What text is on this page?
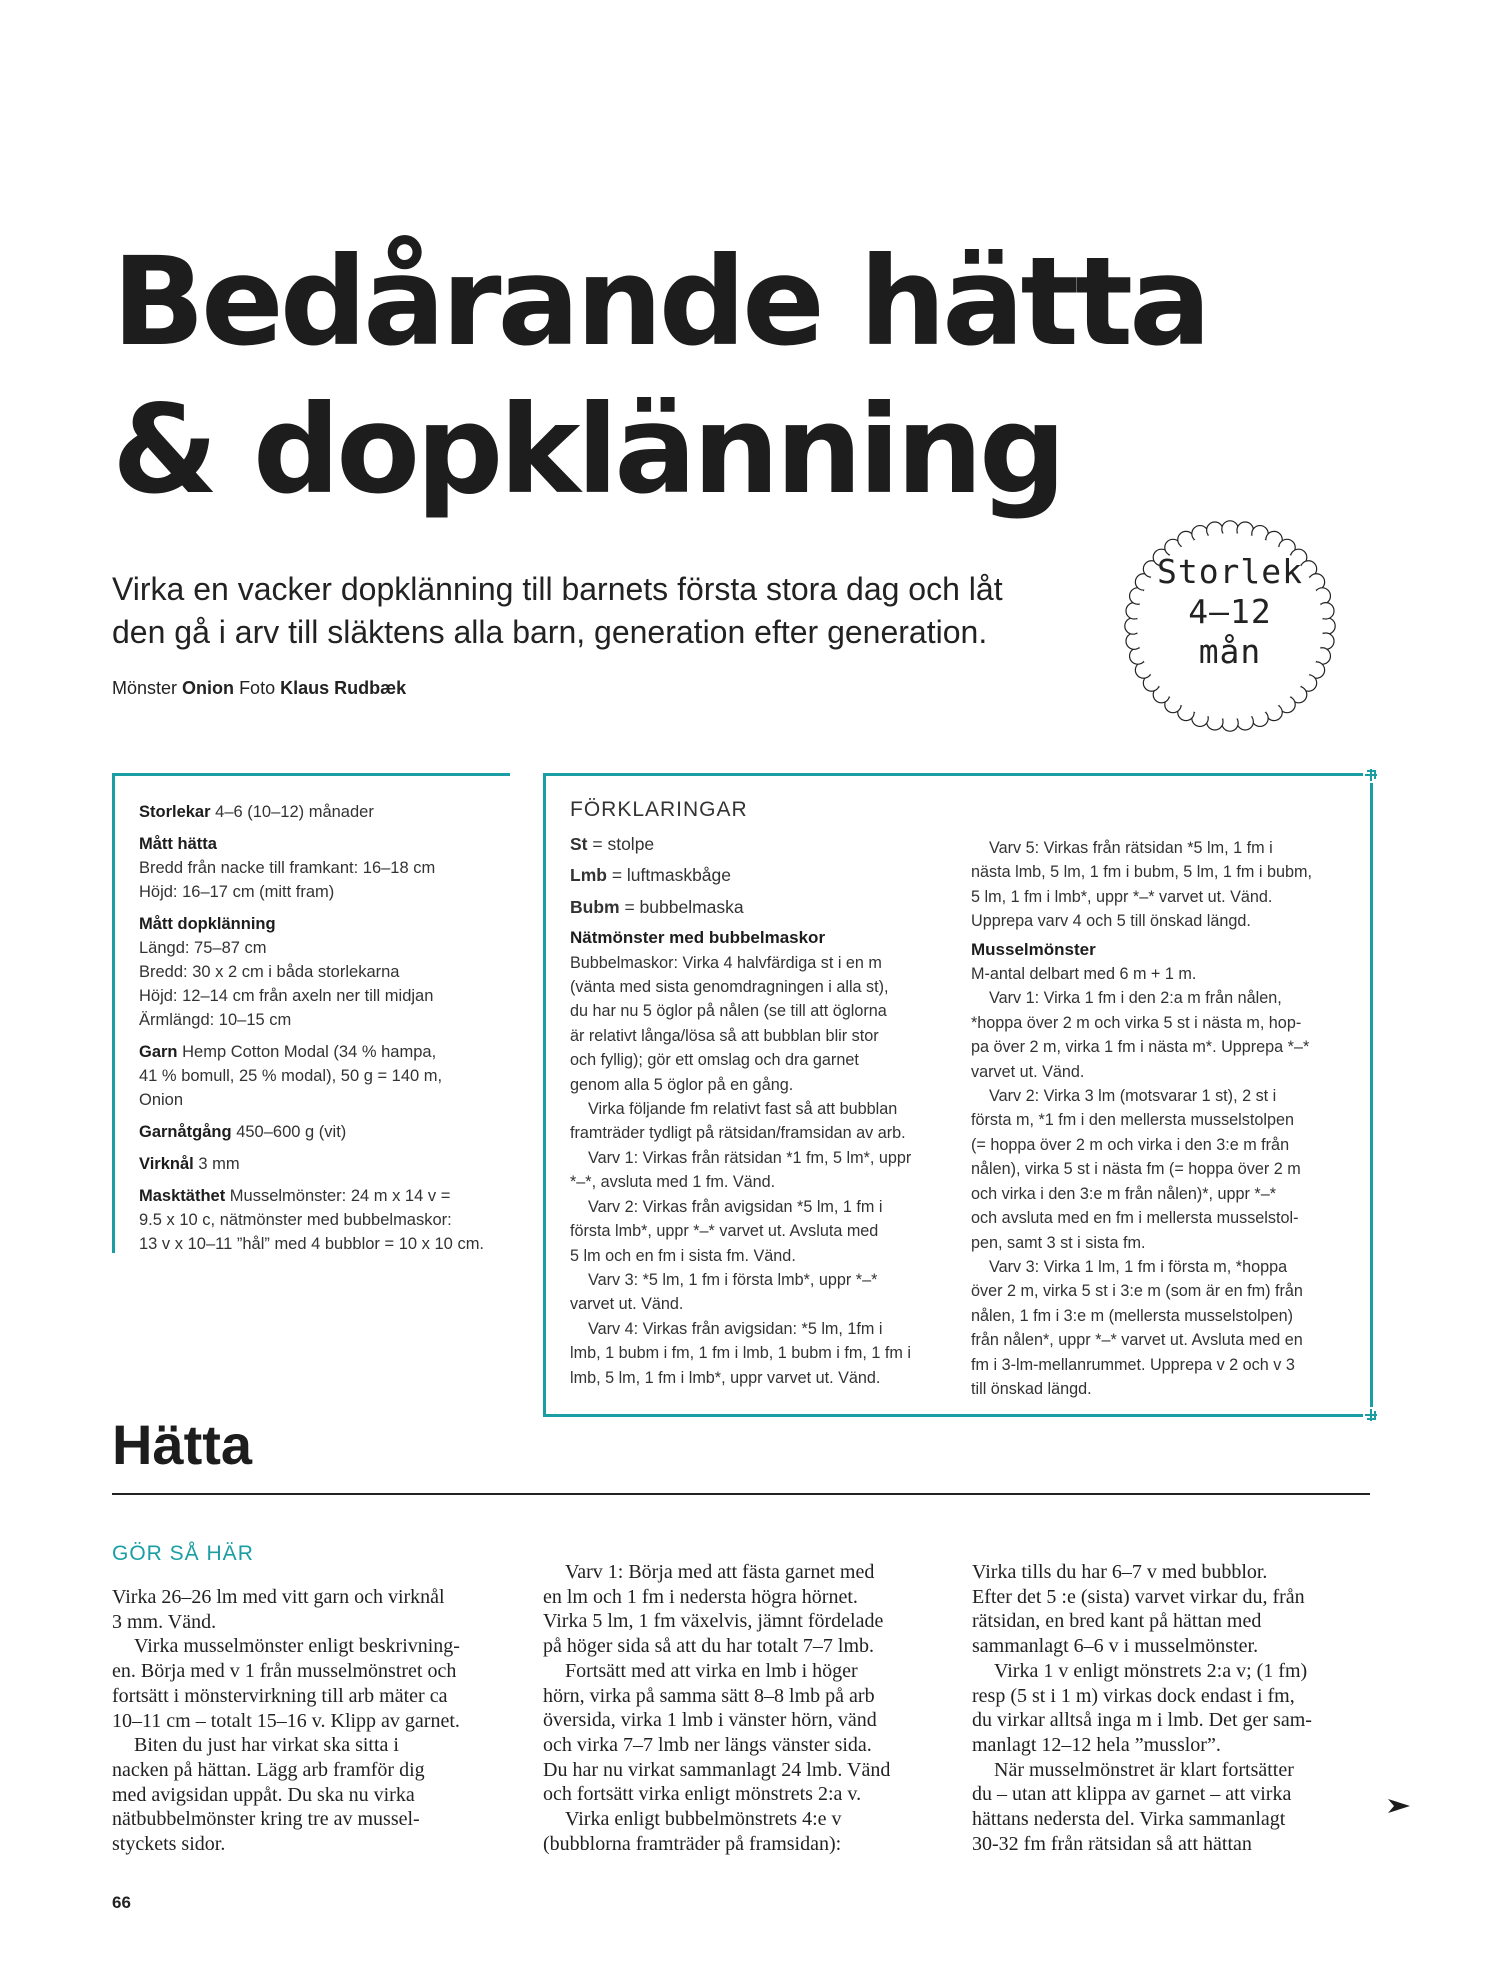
Bedårande hätta
& dopklänning

Virka en vacker dopklänning till barnets första stora dag och låt
den gå i arv till släktens alla barn, generation efter generation.

Mönster Onion Foto Klaus Rudbæk
Storlek
4–12
mån
Storlekar 4–6 (10–12) månader
Mått hätta
Bredd från nacke till framkant: 16–18 cm
Höjd: 16–17 cm (mitt fram)
Mått dopklänning
Längd: 75–87 cm
Bredd: 30 x 2 cm i båda storlekarna
Höjd: 12–14 cm från axeln ner till midjan
Ärmlängd: 10–15 cm
Garn Hemp Cotton Modal (34 % hampa,
41 % bomull, 25 % modal), 50 g = 140 m,
Onion
Garnåtgång 450–600 g (vit)
Virknål 3 mm
Masktäthet Musselmönster: 24 m x 14 v =
9.5 x 10 c, nätmönster med bubbelmaskor:
13 v x 10–11 ”hål” med 4 bubblor = 10 x 10 cm.
FÖRKLARINGAR

St = stolpe

Lmb = luftmaskbåge

Bubm = bubbelmaska

Nätmönster med bubbelmaskor

Bubbelmaskor: Virka 4 halvfärdiga st i en m
(vänta med sista genomdragningen i alla st),
du har nu 5 öglor på nålen (se till att öglorna
är relativt långa/lösa så att bubblan blir stor
och fyllig); gör ett omslag och dra garnet
genom alla 5 öglor på en gång.

Virka följande fm relativt fast så att bubblan
framträder tydligt på rätsidan/framsidan av arb.

Varv 1: Virkas från rätsidan *1 fm, 5 lm*, uppr
*–*, avsluta med 1 fm. Vänd.

Varv 2: Virkas från avigsidan *5 lm, 1 fm i
första lmb*, uppr *–* varvet ut. Avsluta med
5 lm och en fm i sista fm. Vänd.

Varv 3: *5 lm, 1 fm i första lmb*, uppr *–*
varvet ut. Vänd.

Varv 4: Virkas från avigsidan: *5 lm, 1fm i
lmb, 1 bubm i fm, 1 fm i lmb, 1 bubm i fm, 1 fm i
lmb, 5 lm, 1 fm i lmb*, uppr varvet ut. Vänd.

Varv 5: Virkas från rätsidan *5 lm, 1 fm i
nästa lmb, 5 lm, 1 fm i bubm, 5 lm, 1 fm i bubm,
5 lm, 1 fm i lmb*, uppr *–* varvet ut. Vänd.
Upprepa varv 4 och 5 till önskad längd.

Musselmönster

M-antal delbart med 6 m + 1 m.

Varv 1: Virka 1 fm i den 2:a m från nålen,
*hoppa över 2 m och virka 5 st i nästa m, hop-
pa över 2 m, virka 1 fm i nästa m*. Upprepa *–*
varvet ut. Vänd.

Varv 2: Virka 3 lm (motsvarar 1 st), 2 st i
första m, *1 fm i den mellersta musselstolpen
(= hoppa över 2 m och virka i den 3:e m från
nålen), virka 5 st i nästa fm (= hoppa över 2 m
och virka i den 3:e m från nålen)*, uppr *–*
och avsluta med en fm i mellersta musselstol-
pen, samt 3 st i sista fm.

Varv 3: Virka 1 lm, 1 fm i första m, *hoppa
över 2 m, virka 5 st i 3:e m (som är en fm) från
nålen, 1 fm i 3:e m (mellersta musselstolpen)
från nålen*, uppr *–* varvet ut. Avsluta med en
fm i 3-lm-mellanrummet. Upprepa v 2 och v 3
till önskad längd.

Hätta
GÖR SÅ HÄR

Virka 26–26 lm med vitt garn och virknål
3 mm. Vänd.

Virka musselmönster enligt beskrivning-
en. Börja med v 1 från musselmönstret och
fortsätt i mönstervirkning till arb mäter ca
10–11 cm – totalt 15–16 v. Klipp av garnet.

Biten du just har virkat ska sitta i
nacken på hättan. Lägg arb framför dig
med avigsidan uppåt. Du ska nu virka
nätbubbelmönster kring tre av mussel-
styckets sidor.

Varv 1: Börja med att fästa garnet med
en lm och 1 fm i nedersta högra hörnet.
Virka 5 lm, 1 fm växelvis, jämnt fördelade
på höger sida så att du har totalt 7–7 lmb.

Fortsätt med att virka en lmb i höger
hörn, virka på samma sätt 8–8 lmb på arb
översida, virka 1 lmb i vänster hörn, vänd
och virka 7–7 lmb ner längs vänster sida.
Du har nu virkat sammanlagt 24 lmb. Vänd
och fortsätt virka enligt mönstrets 2:a v.

Virka enligt bubbelmönstrets 4:e v
(bubblorna framträder på framsidan):

Virka tills du har 6–7 v med bubblor.
Efter det 5 :e (sista) varvet virkar du, från
rätsidan, en bred kant på hättan med
sammanlagt 6–6 v i musselmönster.

Virka 1 v enligt mönstrets 2:a v; (1 fm)
resp (5 st i 1 m) virkas dock endast i fm,
du virkar alltså inga m i lmb. Det ger sam-
manlagt 12–12 hela ”musslor”.

När musselmönstret är klart fortsätter
du – utan att klippa av garnet – att virka
hättans nedersta del. Virka sammanlagt
30-32 fm från rätsidan så att hättan

66
